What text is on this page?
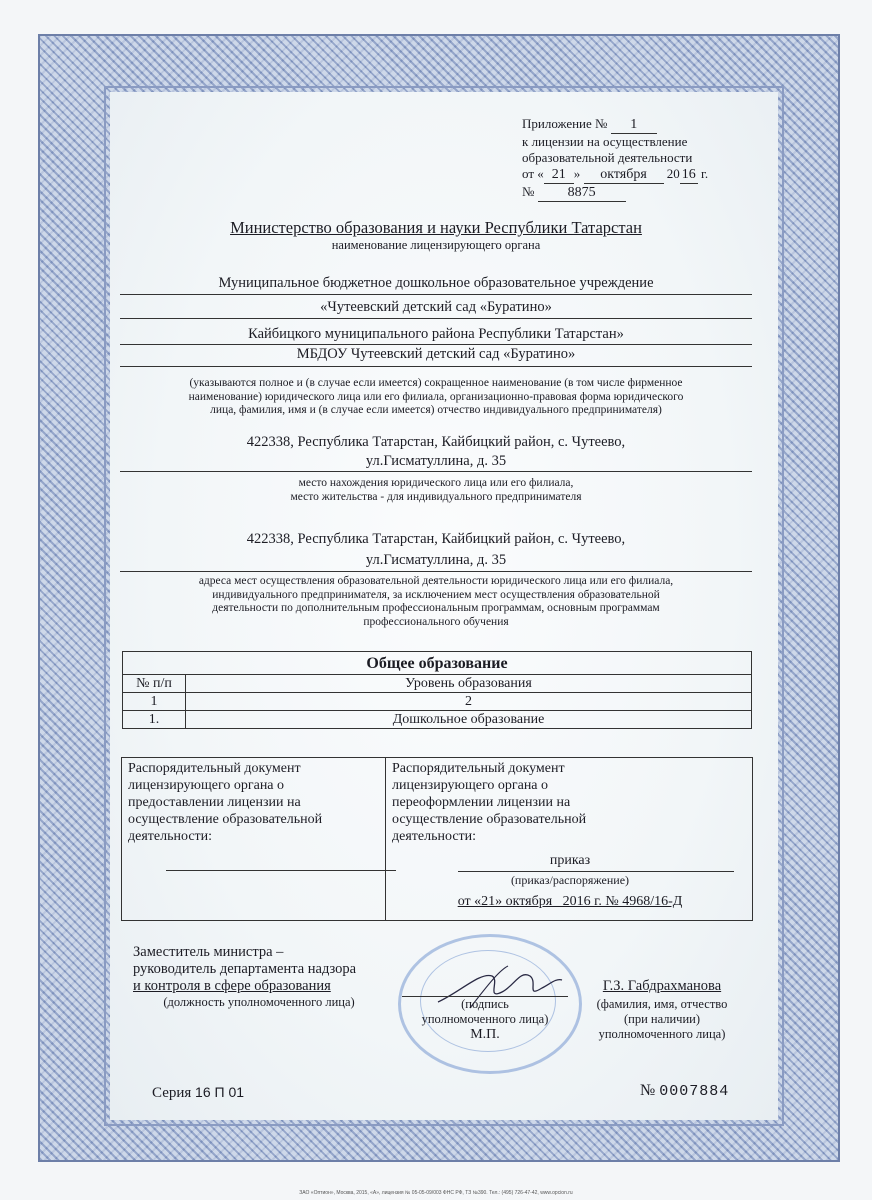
Приложение № 1
к лицензии на осуществление
образовательной деятельности
от « 21 » октября 20 16 г.
№ 8875
Министерство образования и науки Республики Татарстан
наименование лицензирующего органа
Муниципальное бюджетное дошкольное образовательное учреждение
«Чутеевский детский сад «Буратино»
Кайбицкого муниципального района Республики Татарстан»
МБДОУ Чутеевский детский сад «Буратино»
(указываются полное и (в случае если имеется) сокращенное наименование (в том числе фирменное
наименование) юридического лица или его филиала, организационно-правовая форма юридического
лица, фамилия, имя и (в случае если имеется) отчество индивидуального предпринимателя)
422338, Республика Татарстан, Кайбицкий район, с. Чутеево,
ул.Гисматуллина, д. 35
место нахождения юридического лица или его филиала,
место жительства - для индивидуального предпринимателя
422338, Республика Татарстан, Кайбицкий район, с. Чутеево,
ул.Гисматуллина, д. 35
адреса мест осуществления образовательной деятельности юридического лица или его филиала,
индивидуального предпринимателя, за исключением мест осуществления образовательной
деятельности по дополнительным профессиональным программам, основным программам
профессионального обучения
Общее образование	
№ п/п	Уровень образования
1	2
1.	Дошкольное образование
Распорядительный документ
лицензирующего органа о
предоставлении лицензии на
осуществление образовательной
деятельности:
Распорядительный документ
лицензирующего органа о
переоформлении лицензии на
осуществление образовательной
деятельности:
приказ
(приказ/распоряжение)
от «21» октября   2016 г. № 4968/16-Д
Заместитель министра –
руководитель департамента надзора
и контроля в сфере образования
(должность уполномоченного лица)	(подпись
уполномоченного лица)
М.П.
Г.З. Габдрахманова
(фамилия, имя, отчество
(при наличии)
уполномоченного лица)
Серия 16 П 01	№ 0007884
ЗАО «Оптион», Москва, 2015, «А», лицензия № 05-05-09/003 ФНС РФ, ТЗ №390. Тел.: (495) 726-47-42, www.opcion.ru
